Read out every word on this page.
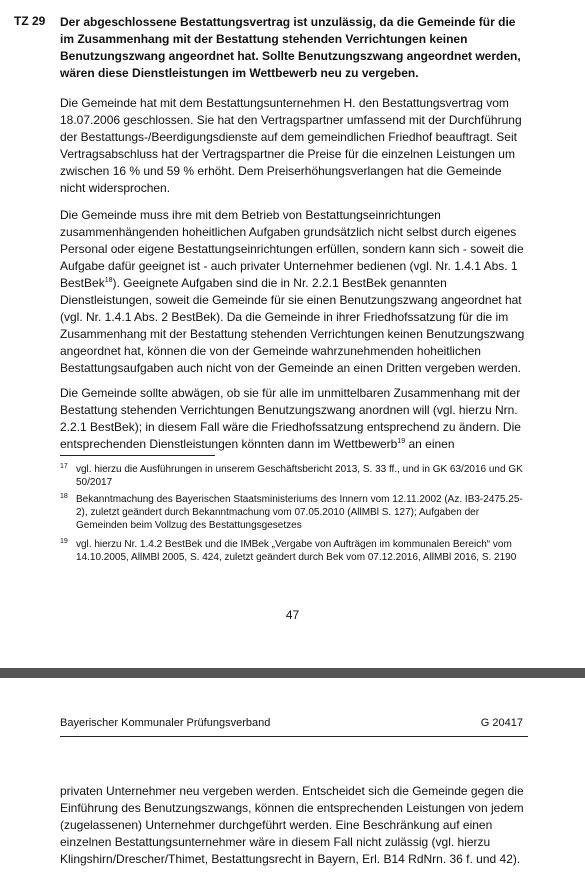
TZ 29 Der abgeschlossene Bestattungsvertrag ist unzulässig, da die Gemeinde für die im Zusammenhang mit der Bestattung stehenden Verrichtungen keinen Benutzungszwang angeordnet hat. Sollte Benutzungszwang angeordnet werden, wären diese Dienstleistungen im Wettbewerb neu zu vergeben.
Die Gemeinde hat mit dem Bestattungsunternehmen H. den Bestattungsvertrag vom 18.07.2006 geschlossen. Sie hat den Vertragspartner umfassend mit der Durchführung der Bestattungs-/Beerdigungsdienste auf dem gemeindlichen Friedhof beauftragt. Seit Vertragsabschluss hat der Vertragspartner die Preise für die einzelnen Leistungen um zwischen 16 % und 59 % erhöht. Dem Preiserhöhungsverlangen hat die Gemeinde nicht widersprochen.
Die Gemeinde muss ihre mit dem Betrieb von Bestattungseinrichtungen zusammenhängenden hoheitlichen Aufgaben grundsätzlich nicht selbst durch eigenes Personal oder eigene Bestattungseinrichtungen erfüllen, sondern kann sich - soweit die Aufgabe dafür geeignet ist - auch privater Unternehmer bedienen (vgl. Nr. 1.4.1 Abs. 1 BestBek$^{18}$). Geeignete Aufgaben sind die in Nr. 2.2.1 BestBek genannten Dienstleistungen, soweit die Gemeinde für sie einen Benutzungszwang angeordnet hat (vgl. Nr. 1.4.1 Abs. 2 BestBek). Da die Gemeinde in ihrer Friedhofssatzung für die im Zusammenhang mit der Bestattung stehenden Verrichtungen keinen Benutzungszwang angeordnet hat, können die von der Gemeinde wahrzunehmenden hoheitlichen Bestattungsaufgaben auch nicht von der Gemeinde an einen Dritten vergeben werden.
Die Gemeinde sollte abwägen, ob sie für alle im unmittelbaren Zusammenhang mit der Bestattung stehenden Verrichtungen Benutzungszwang anordnen will (vgl. hierzu Nrn. 2.2.1 BestBek); in diesem Fall wäre die Friedhofssatzung entsprechend zu ändern. Die entsprechenden Dienstleistungen könnten dann im Wettbewerb$^{19}$ an einen
17 vgl. hierzu die Ausführungen in unserem Geschäftsbericht 2013, S. 33 ff., und in GK 63/2016 und GK 50/2017
18 Bekanntmachung des Bayerischen Staatsministeriums des Innern vom 12.11.2002 (Az. IB3-2475.25-2), zuletzt geändert durch Bekanntmachung vom 07.05.2010 (AllMBl S. 127); Aufgaben der Gemeinden beim Vollzug des Bestattungsgesetzes
19 vgl. hierzu Nr. 1.4.2 BestBek und die IMBek „Vergabe von Aufträgen im kommunalen Bereich“ vom 14.10.2005, AllMBl 2005, S. 424, zuletzt geändert durch Bek vom 07.12.2016, AllMBl 2016, S. 2190
47
Bayerischer Kommunaler Prüfungsverband	G 20417
privaten Unternehmer neu vergeben werden. Entscheidet sich die Gemeinde gegen die Einführung des Benutzungszwangs, können die entsprechenden Leistungen von jedem (zugelassenen) Unternehmer durchgeführt werden. Eine Beschränkung auf einen einzelnen Bestattungsunternehmer wäre in diesem Fall nicht zulässig (vgl. hierzu Klingshirn/Drescher/Thimet, Bestattungsrecht in Bayern, Erl. B14 RdNrn. 36 f. und 42).
